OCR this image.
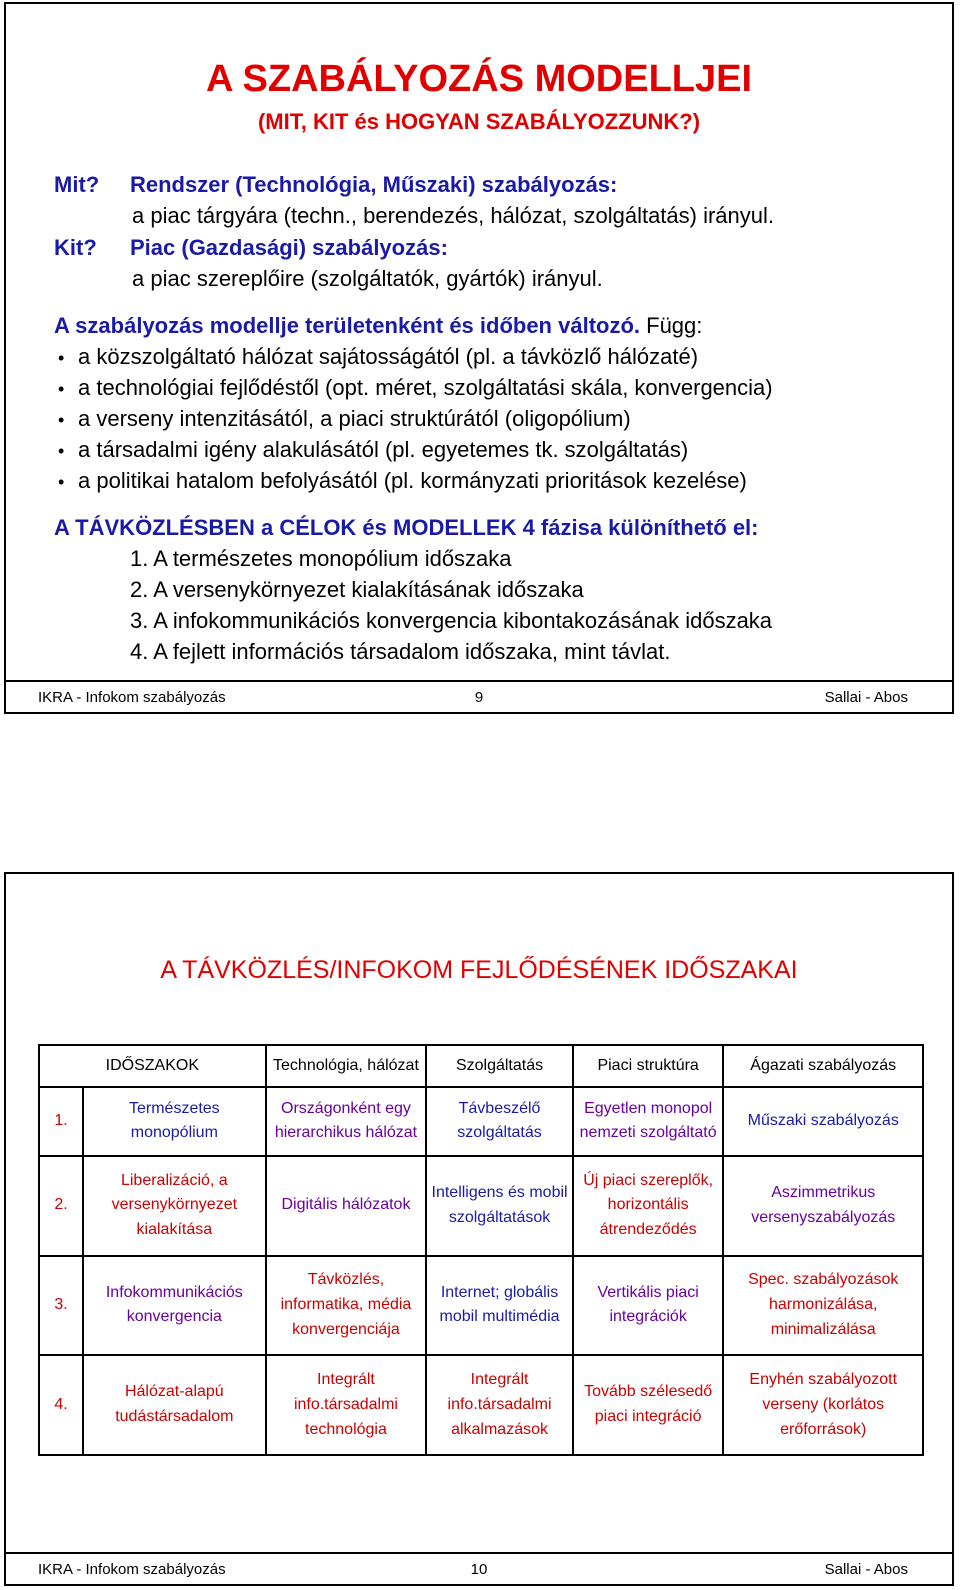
A SZABÁLYOZÁS MODELLJEI
(MIT, KIT és HOGYAN SZABÁLYOZZUNK?)
Mit? Rendszer (Technológia, Műszaki) szabályozás:
a piac tárgyára (techn., berendezés, hálózat, szolgáltatás) irányul.
Kit? Piac (Gazdasági) szabályozás:
a piac szereplőire (szolgáltatók, gyártók) irányul.
A szabályozás modellje területenként és időben változó. Függ:
• a közszolgáltató hálózat sajátosságától (pl. a távközlő hálózaté)
• a technológiai fejlődéstől (opt. méret, szolgáltatási skála, konvergencia)
• a verseny intenzitásától, a piaci struktúrától (oligopólium)
• a társadalmi igény alakulásától (pl. egyetemes tk. szolgáltatás)
• a politikai hatalom befolyásától (pl. kormányzati prioritások kezelése)
A TÁVKÖZLÉSBEN a CÉLOK és MODELLEK 4 fázisa különíthető el:
1. A természetes monopólium időszaka
2. A versenykörnyezet kialakításának időszaka
3. A infokommunikációs konvergencia kibontakozásának időszaka
4. A fejlett információs társadalom időszaka, mint távlat.
IKRA - Infokom szabályozás	9	Sallai - Abos
A TÁVKÖZLÉS/INFOKOM FEJLŐDÉSÉNEK IDŐSZAKAI
IDŐSZAKOK		Technológia, hálózat	Szolgáltatás	Piaci struktúra	Ágazati szabályozás
1.	Természetes monopólium	Országonként egy hierarchikus hálózat	Távbeszélő szolgáltatás	Egyetlen monopol nemzeti szolgáltató	Műszaki szabályozás
2.	Liberalizáció, a versenykörnyezet kialakítása	Digitális hálózatok	Intelligens és mobil szolgáltatások	Új piaci szereplők, horizontális átrendeződés	Aszimmetrikus versenyszabályozás
3.	Infokommunikációs konvergencia	Távközlés, informatika, média konvergenciája	Internet; globális mobil multimédia	Vertikális piaci integrációk	Spec. szabályozások harmonizálása, minimalizálása
4.	Hálózat-alapú tudástársadalom	Integrált info.társadalmi technológia	Integrált info.társadalmi alkalmazások	Tovább szélesedő piaci integráció	Enyhén szabályozott verseny (korlátos erőforrások)
IKRA - Infokom szabályozás	10	Sallai - Abos
